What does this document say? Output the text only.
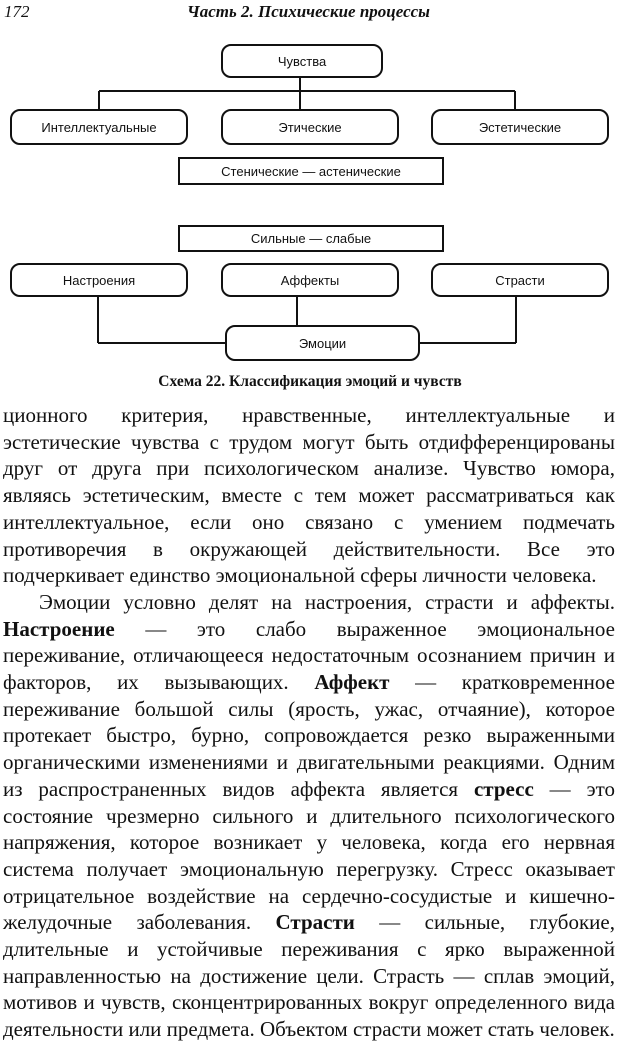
172	Часть 2. Психические процессы
Чувства
Интеллектуальные	Этические	Эстетические
Стенические — астенические
Сильные — слабые
Настроения	Аффекты	Страсти
Эмоции
Схема 22. Классификация эмоций и чувств

ционного критерия, нравственные, интеллектуальные и эстетические чувства с трудом могут быть отдифференцированы друг от друга при психологическом анализе. Чувство юмора, являясь эстетическим, вместе с тем может рассматриваться как интеллектуальное, если оно связано с умением подмечать противоречия в окружающей действительности. Все это подчеркивает единство эмоциональной сферы личности человека.

Эмоции условно делят на настроения, страсти и аффекты. Настроение — это слабо выраженное эмоциональное переживание, отличающееся недостаточным осознанием причин и факторов, их вызывающих. Аффект — кратковременное переживание большой силы (ярость, ужас, отчаяние), которое протекает быстро, бурно, сопровождается резко выраженными органическими изменениями и двигательными реакциями. Одним из распространенных видов аффекта является стресс — это состояние чрезмерно сильного и длительного психологического напряжения, которое возникает у человека, когда его нервная система получает эмоциональную перегрузку. Стресс оказывает отрицательное воздействие на сердечно-сосудистые и кишечно-желудочные заболевания. Страсти — сильные, глубокие, длительные и устойчивые переживания с ярко выраженной направленностью на достижение цели. Страсть — сплав эмоций, мотивов и чувств, сконцентрированных вокруг определенного вида деятельности или предмета. Объектом страсти может стать человек.
